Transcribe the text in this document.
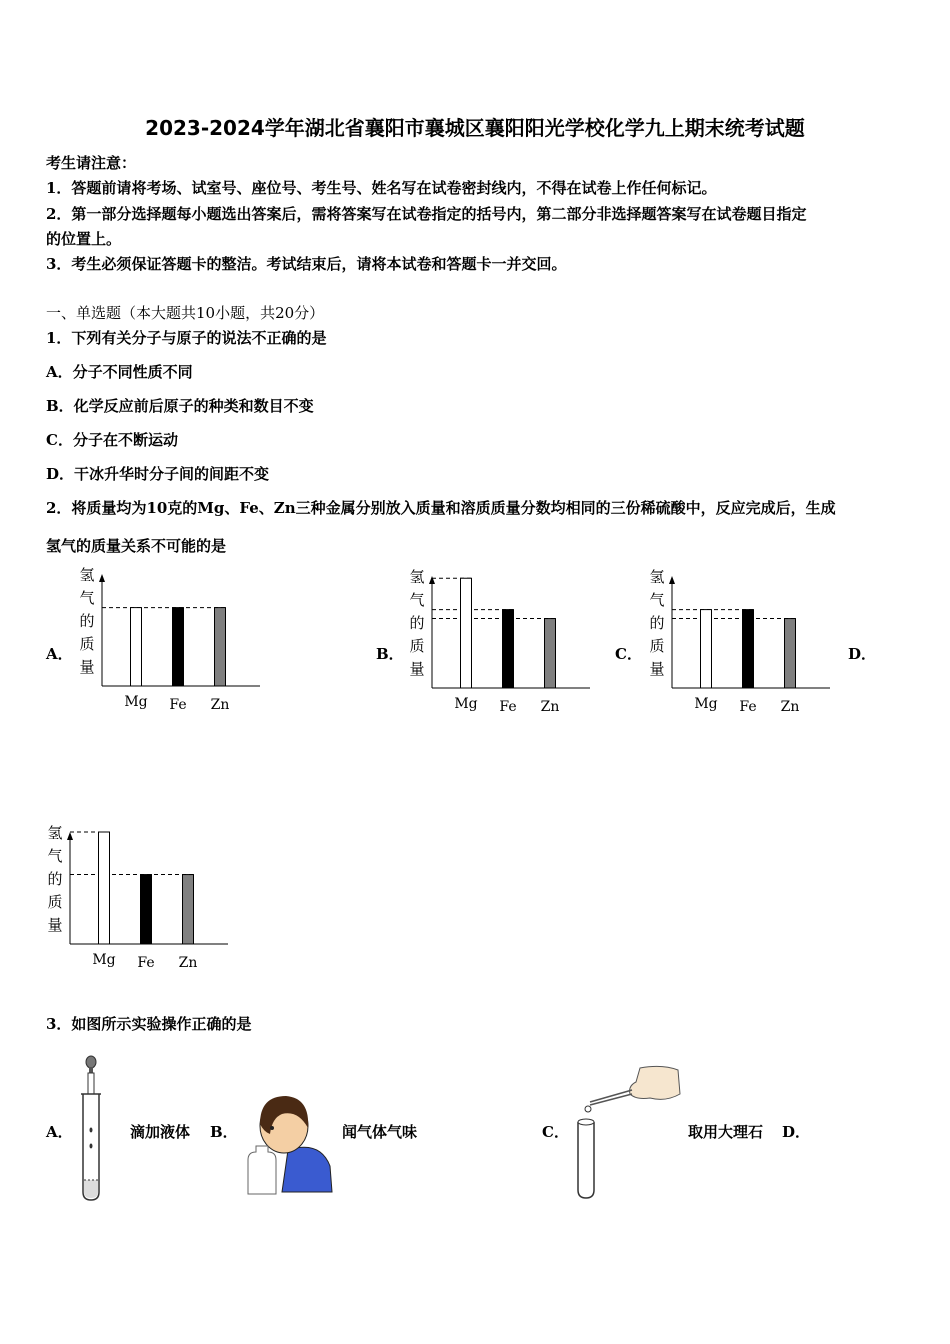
2023-2024学年湖北省襄阳市襄城区襄阳阳光学校化学九上期末统考试题
考生请注意：
1．答题前请将考场、试室号、座位号、考生号、姓名写在试卷密封线内，不得在试卷上作任何标记。
2．第一部分选择题每小题选出答案后，需将答案写在试卷指定的括号内，第二部分非选择题答案写在试卷题目指定
的位置上。
3．考生必须保证答题卡的整洁。考试结束后，请将本试卷和答题卡一并交回。
一、单选题（本大题共10小题，共20分）
1．下列有关分子与原子的说法不正确的是
A．分子不同性质不同
B．化学反应前后原子的种类和数目不变
C．分子在不断运动
D．干冰升华时分子间的间距不变
2．将质量均为10克的Mg、Fe、Zn三种金属分别放入质量和溶质质量分数均相同的三份稀硫酸中，反应完成后，生成
氢气的质量关系不可能的是
A．	B．	C．	D．
氢
气
的
质
量
Mg Fe Zn
氢
气
的
质
量
Mg Fe Zn
氢
气
的
质
量
Mg Fe Zn
氢
气
的
质
量
Mg Fe Zn
3．如图所示实验操作正确的是
A．	滴加液体 B．	闻气体气味	C．	取用大理石 D．
